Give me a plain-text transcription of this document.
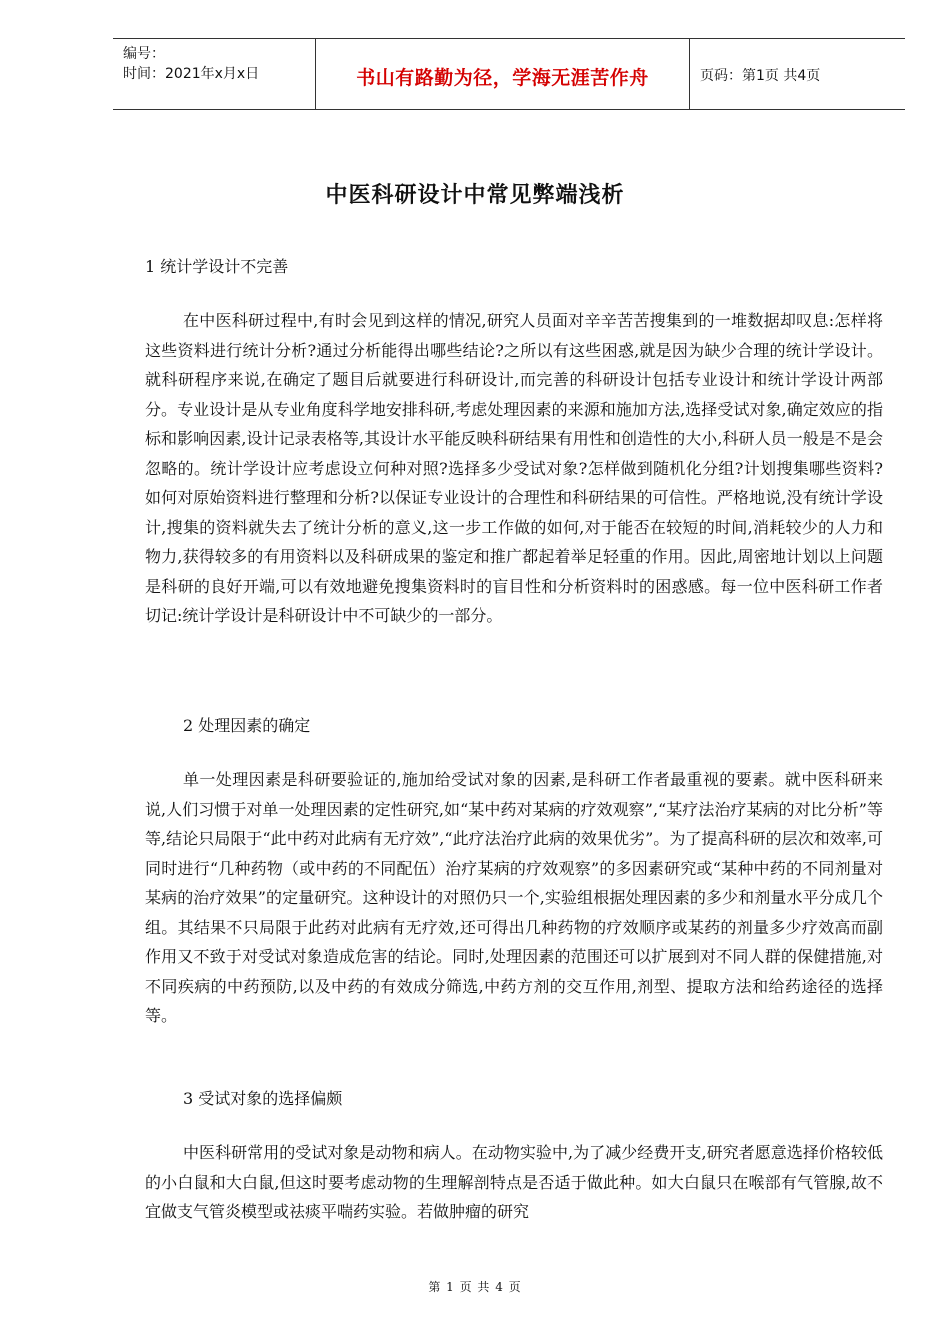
编号：
时间：2021年x月x日	书山有路勤为径，学海无涯苦作舟	页码：第1页 共4页
中医科研设计中常见弊端浅析
1 统计学设计不完善

在中医科研过程中,有时会见到这样的情况,研究人员面对辛辛苦苦搜集到的一堆数据却叹息:怎样将这些资料进行统计分析?通过分析能得出哪些结论?之所以有这些困惑,就是因为缺少合理的统计学设计。就科研程序来说,在确定了题目后就要进行科研设计,而完善的科研设计包括专业设计和统计学设计两部分。专业设计是从专业角度科学地安排科研,考虑处理因素的来源和施加方法,选择受试对象,确定效应的指标和影响因素,设计记录表格等,其设计水平能反映科研结果有用性和创造性的大小,科研人员一般是不是会忽略的。统计学设计应考虑设立何种对照?选择多少受试对象?怎样做到随机化分组?计划搜集哪些资料?如何对原始资料进行整理和分析?以保证专业设计的合理性和科研结果的可信性。严格地说,没有统计学设计,搜集的资料就失去了统计分析的意义,这一步工作做的如何,对于能否在较短的时间,消耗较少的人力和物力,获得较多的有用资料以及科研成果的鉴定和推广都起着举足轻重的作用。因此,周密地计划以上问题是科研的良好开端,可以有效地避免搜集资料时的盲目性和分析资料时的困惑感。每一位中医科研工作者切记:统计学设计是科研设计中不可缺少的一部分。

2 处理因素的确定

单一处理因素是科研要验证的,施加给受试对象的因素,是科研工作者最重视的要素。就中医科研来说,人们习惯于对单一处理因素的定性研究,如“某中药对某病的疗效观察”,“某疗法治疗某病的对比分析”等等,结论只局限于“此中药对此病有无疗效”,“此疗法治疗此病的效果优劣”。为了提高科研的层次和效率,可同时进行“几种药物（或中药的不同配伍）治疗某病的疗效观察”的多因素研究或“某种中药的不同剂量对某病的治疗效果”的定量研究。这种设计的对照仍只一个,实验组根据处理因素的多少和剂量水平分成几个组。其结果不只局限于此药对此病有无疗效,还可得出几种药物的疗效顺序或某药的剂量多少疗效高而副作用又不致于对受试对象造成危害的结论。同时,处理因素的范围还可以扩展到对不同人群的保健措施,对不同疾病的中药预防,以及中药的有效成分筛选,中药方剂的交互作用,剂型、提取方法和给药途径的选择等。

3 受试对象的选择偏颇

中医科研常用的受试对象是动物和病人。在动物实验中,为了减少经费开支,研究者愿意选择价格较低的小白鼠和大白鼠,但这时要考虑动物的生理解剖特点是否适于做此种。如大白鼠只在喉部有气管腺,故不宜做支气管炎模型或祛痰平喘药实验。若做肿瘤的研究

第 1 页 共 4 页
